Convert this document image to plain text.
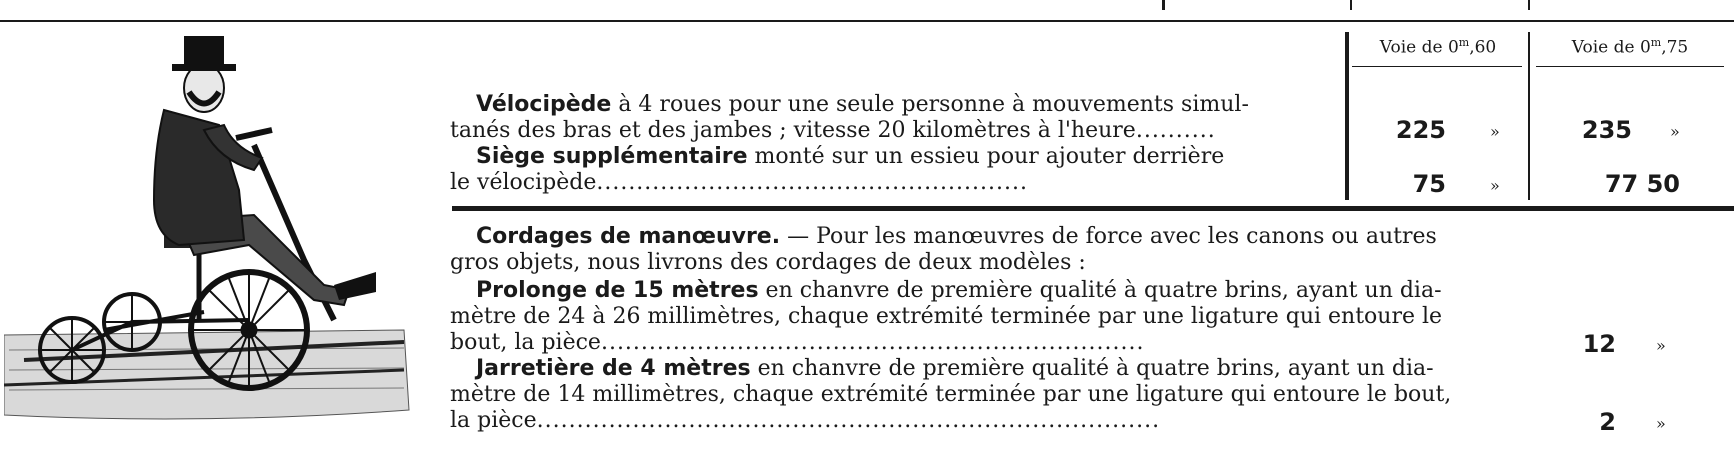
Voie de 0$^m$,60	Voie de 0$^m$,75
Vélocipède à 4 roues pour une seule personne à mouvements simul-
tanés des bras et des jambes ; vitesse 20 kilomètres à l'heure..........	225	»	235 »
Siège supplémentaire monté sur un essieu pour ajouter derrière
le vélocipède......................................................	75	»	77 50
Cordages de manœuvre. — Pour les manœuvres de force avec les canons ou autres
gros objets, nous livrons des cordages de deux modèles :
Prolonge de 15 mètres en chanvre de première qualité à quatre brins, ayant un dia-
mètre de 24 à 26 millimètres, chaque extrémité terminée par une ligature qui entoure le
bout, la pièce....................................................................	12	»
Jarretière de 4 mètres en chanvre de première qualité à quatre brins, ayant un dia-
mètre de 14 millimètres, chaque extrémité terminée par une ligature qui entoure le bout,
la pièce..............................................................................	2	»
